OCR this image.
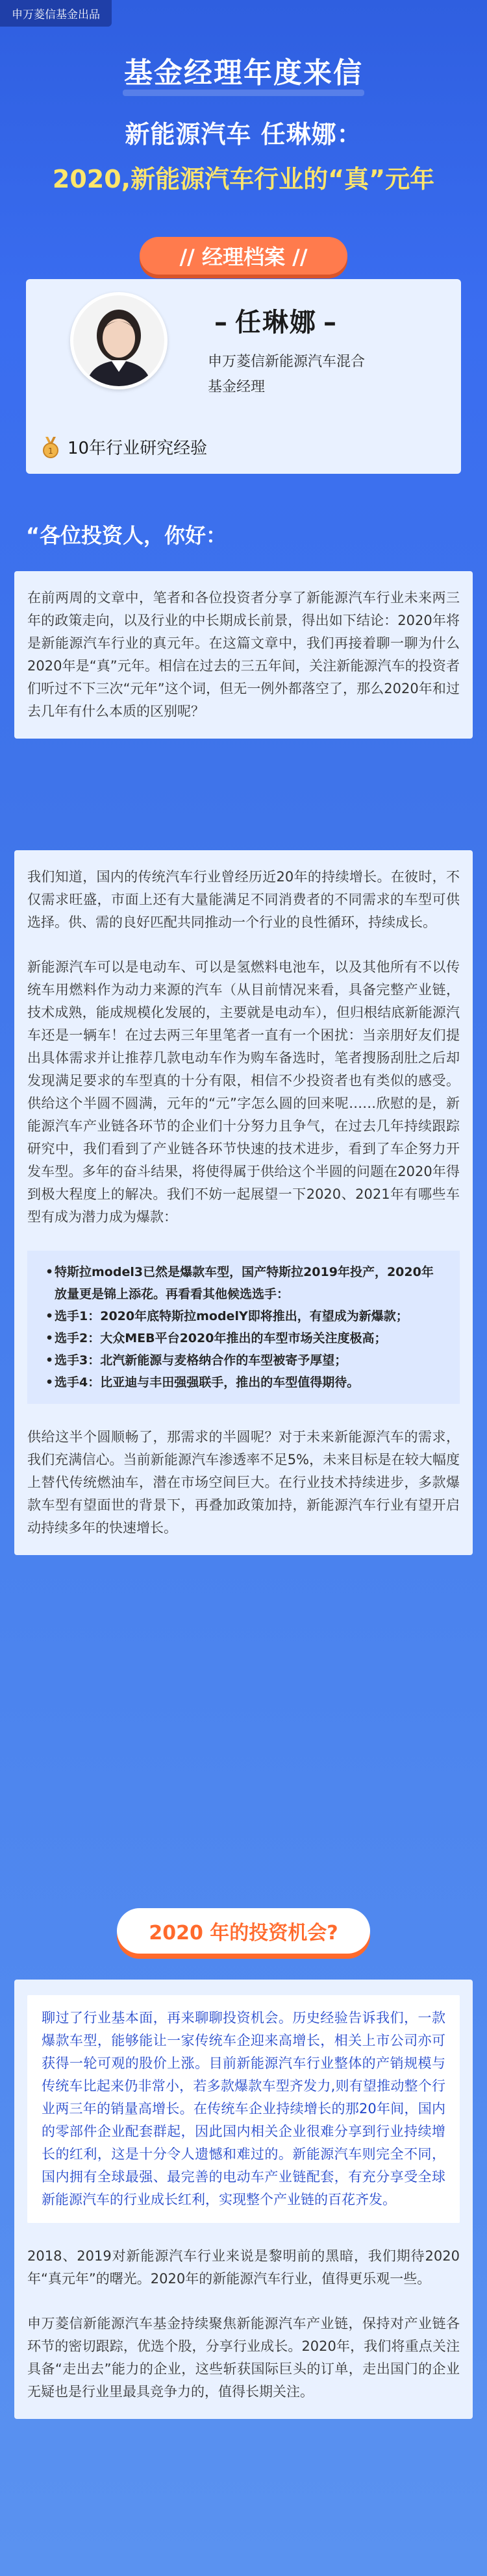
申万菱信基金出品
基金经理年度来信
新能源汽车 任琳娜：
2020,新能源汽车行业的“真”元年
// 经理档案 //
– 任琳娜 –
申万菱信新能源汽车混合
基金经理
1 10年行业研究经验
“各位投资人，你好：

在前两周的文章中，笔者和各位投资者分享了新能源汽车行业未来两三年的政策走向，以及行业的中长期成长前景，得出如下结论：2020年将是新能源汽车行业的真元年。在这篇文章中，我们再接着聊一聊为什么2020年是“真”元年。相信在过去的三五年间，关注新能源汽车的投资者们听过不下三次“元年”这个词，但无一例外都落空了，那么2020年和过去几年有什么本质的区别呢？

我们知道，国内的传统汽车行业曾经历近20年的持续增长。在彼时，不仅需求旺盛，市面上还有大量能满足不同消费者的不同需求的车型可供选择。供、需的良好匹配共同推动一个行业的良性循环，持续成长。

新能源汽车可以是电动车、可以是氢燃料电池车，以及其他所有不以传统车用燃料作为动力来源的汽车（从目前情况来看，具备完整产业链，技术成熟，能成规模化发展的，主要就是电动车），但归根结底新能源汽车还是一辆车！在过去两三年里笔者一直有一个困扰：当亲朋好友们提出具体需求并让推荐几款电动车作为购车备选时，笔者搜肠刮肚之后却发现满足要求的车型真的十分有限，相信不少投资者也有类似的感受。供给这个半圆不圆满，元年的“元”字怎么圆的回来呢……欣慰的是，新能源汽车产业链各环节的企业们十分努力且争气，在过去几年持续跟踪研究中，我们看到了产业链各环节快速的技术进步，看到了车企努力开发车型。多年的奋斗结果，将使得属于供给这个半圆的问题在2020年得到极大程度上的解决。我们不妨一起展望一下2020、2021年有哪些车型有成为潜力成为爆款：

•
特斯拉model3已然是爆款车型，国产特斯拉2019年投产，2020年放量更是锦上添花。再看看其他候选选手：
•
选手1：2020年底特斯拉modelY即将推出，有望成为新爆款；
•
选手2：大众MEB平台2020年推出的车型市场关注度极高；
•
选手3：北汽新能源与麦格纳合作的车型被寄予厚望；
•
选手4：比亚迪与丰田强强联手，推出的车型值得期待。

供给这半个圆顺畅了，那需求的半圆呢？对于未来新能源汽车的需求，我们充满信心。当前新能源汽车渗透率不足5%，未来目标是在较大幅度上替代传统燃油车，潜在市场空间巨大。在行业技术持续进步，多款爆款车型有望面世的背景下，再叠加政策加持，新能源汽车行业有望开启动持续多年的快速增长。

2020 年的投资机会?

聊过了行业基本面，再来聊聊投资机会。历史经验告诉我们，一款爆款车型，能够能让一家传统车企迎来高增长，相关上市公司亦可获得一轮可观的股价上涨。目前新能源汽车行业整体的产销规模与传统车比起来仍非常小，若多款爆款车型齐发力,则有望推动整个行业两三年的销量高增长。在传统车企业持续增长的那20年间，国内的零部件企业配套群起，因此国内相关企业很难分享到行业持续增长的红利，这是十分令人遗憾和难过的。新能源汽车则完全不同，国内拥有全球最强、最完善的电动车产业链配套，有充分享受全球新能源汽车的行业成长红利，实现整个产业链的百花齐发。

2018、2019对新能源汽车行业来说是黎明前的黑暗，我们期待2020年“真元年”的曙光。2020年的新能源汽车行业，值得更乐观一些。

申万菱信新能源汽车基金持续聚焦新能源汽车产业链，保持对产业链各环节的密切跟踪，优选个股，分享行业成长。2020年，我们将重点关注具备“走出去”能力的企业，这些斩获国际巨头的订单，走出国门的企业无疑也是行业里最具竞争力的，值得长期关注。
